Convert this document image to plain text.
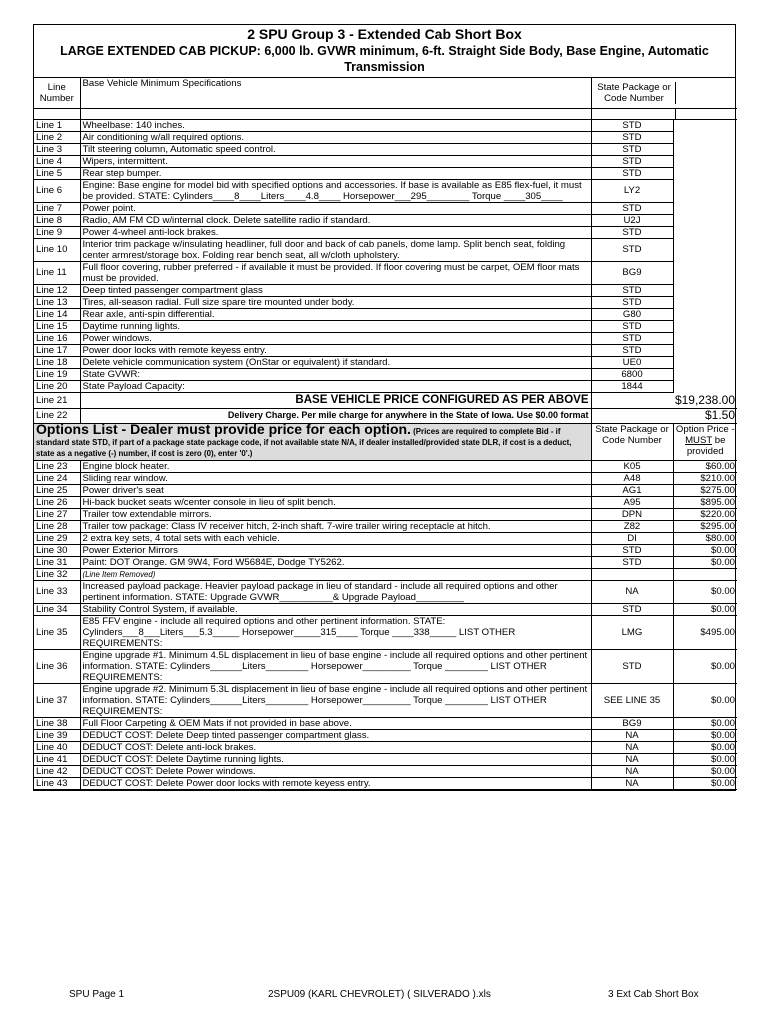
2 SPU Group 3 - Extended Cab Short Box
LARGE EXTENDED CAB PICKUP: 6,000 lb. GVWR minimum, 6-ft. Straight Side Body, Base Engine, Automatic Transmission
Line Number	Base Vehicle Minimum Specifications	State Package or Code Number	

Line 1	Wheelbase: 140 inches.	STD	
Line 2	Air conditioning w/all required options.	STD	
Line 3	Tilt steering column, Automatic speed control.	STD	
Line 4	Wipers, intermittent.	STD	
Line 5	Rear step bumper.	STD	
Line 6	Engine: Base engine for model bid with specified options and accessories. If base is available as E85 flex-fuel, it must be provided. STATE: Cylinders____8____Liters____4.8____ Horsepower___295________ Torque ____305____	LY2	
Line 7	Power point.	STD	
Line 8	Radio, AM FM CD w/internal clock. Delete satellite radio if standard.	U2J	
Line 9	Power 4-wheel anti-lock brakes.	STD	
Line 10	Interior trim package w/insulating headliner, full door and back of cab panels, dome lamp. Split bench seat, folding center armrest/storage box. Folding rear bench seat, all w/cloth upholstery.	STD	
Line 11	Full floor covering, rubber preferred - if available it must be provided. If floor covering must be carpet, OEM floor mats must be provided.	BG9	
Line 12	Deep tinted passenger compartment glass	STD	
Line 13	Tires, all-season radial. Full size spare tire mounted under body.	STD	
Line 14	Rear axle, anti-spin differential.	G80	
Line 15	Daytime running lights.	STD	
Line 16	Power windows.	STD	
Line 17	Power door locks with remote keyess entry.	STD	
Line 18	Delete vehicle communication system (OnStar or equivalent) if standard.	UE0	
Line 19	State GVWR:	6800	
Line 20	State Payload Capacity:	1844	
Line 21	BASE VEHICLE PRICE CONFIGURED AS PER ABOVE	$19,238.00	
Line 22	Delivery Charge. Per mile charge for anywhere in the State of Iowa. Use $0.00 format	$1.50	
Options List - Dealer must provide price for each option. (Prices are required to complete Bid - if standard state STD, if part of a package state package code, if not available state N/A, if dealer installed/provided state DLR, if cost is a deduct, state as a negative (-) number, if cost is zero (0), enter '0'.)		State Package or Code Number	Option Price - MUST be provided
Line 23	Engine block heater.	K05	$60.00
Line 24	Sliding rear window.	A48	$210.00
Line 25	Power driver's seat	AG1	$275.00
Line 26	Hi-back bucket seats w/center console in lieu of split bench.	A95	$895.00
Line 27	Trailer tow extendable mirrors.	DPN	$220.00
Line 28	Trailer tow package: Class IV receiver hitch, 2-inch shaft. 7-wire trailer wiring receptacle at hitch.	Z82	$295.00
Line 29	2 extra key sets, 4 total sets with each vehicle.	DI	$80.00
Line 30	Power Exterior Mirrors	STD	$0.00
Line 31	Paint: DOT Orange. GM 9W4, Ford W5684E, Dodge TY5262.	STD	$0.00
Line 32	(Line Item Removed)		
Line 33	Increased payload package. Heavier payload package in lieu of standard - include all required options and other pertinent information. STATE: Upgrade GVWR__________& Upgrade Payload_________	NA	$0.00
Line 34	Stability Control System, if available.	STD	$0.00
Line 35	E85 FFV engine - include all required options and other pertinent information. STATE: Cylinders___8___Liters___5.3_____ Horsepower_____315____ Torque ____338_____ LIST OTHER REQUIREMENTS:	LMG	$495.00
Line 36	Engine upgrade #1. Minimum 4.5L displacement in lieu of base engine - include all required options and other pertinent information. STATE: Cylinders______Liters________ Horsepower_________ Torque ________ LIST OTHER REQUIREMENTS:	STD	$0.00
Line 37	Engine upgrade #2. Minimum 5.3L displacement in lieu of base engine - include all required options and other pertinent information. STATE: Cylinders______Liters________ Horsepower_________ Torque ________ LIST OTHER REQUIREMENTS:	SEE LINE 35	$0.00
Line 38	Full Floor Carpeting & OEM Mats if not provided in base above.	BG9	$0.00
Line 39	DEDUCT COST: Delete Deep tinted passenger compartment glass.	NA	$0.00
Line 40	DEDUCT COST: Delete anti-lock brakes.	NA	$0.00
Line 41	DEDUCT COST: Delete Daytime running lights.	NA	$0.00
Line 42	DEDUCT COST: Delete Power windows.	NA	$0.00
Line 43	DEDUCT COST: Delete Power door locks with remote keyess entry.	NA	$0.00
SPU Page 1	2SPU09 (KARL CHEVROLET) ( SILVERADO ).xls	3 Ext Cab Short Box
